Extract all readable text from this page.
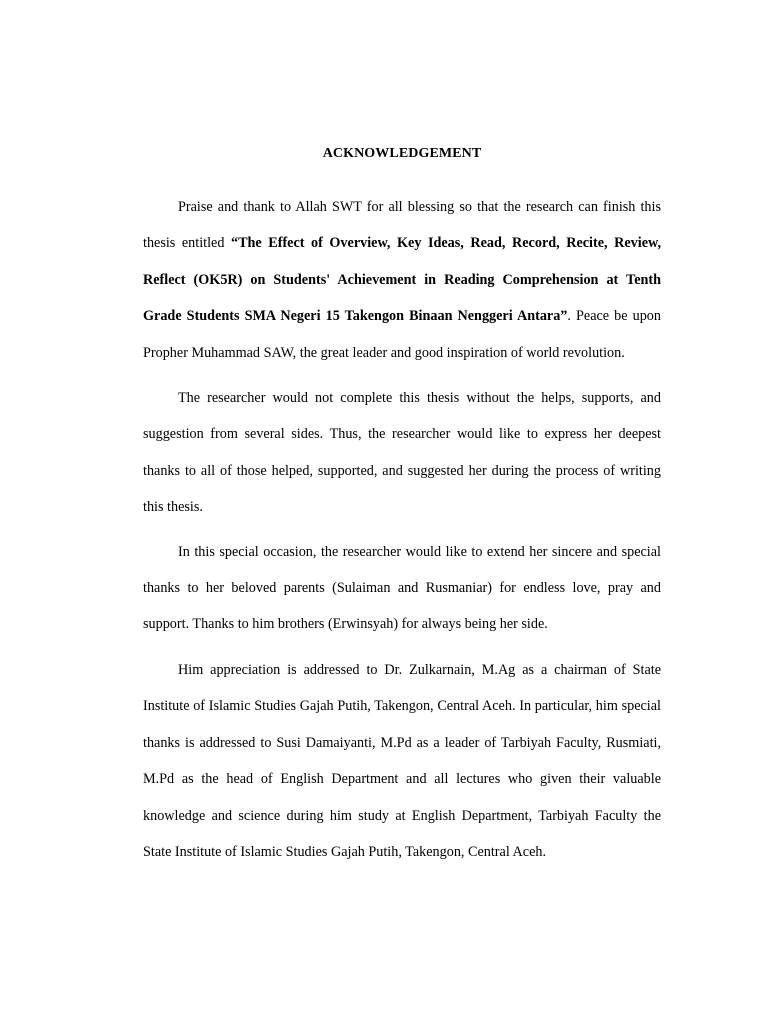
ACKNOWLEDGEMENT

Praise and thank to Allah SWT for all blessing so that the research can finish this thesis entitled “The Effect of Overview, Key Ideas, Read, Record, Recite, Review, Reflect (OK5R) on Students' Achievement in Reading Comprehension at Tenth Grade Students SMA Negeri 15 Takengon Binaan Nenggeri Antara”. Peace be upon Propher Muhammad SAW, the great leader and good inspiration of world revolution.

The researcher would not complete this thesis without the helps, supports, and suggestion from several sides. Thus, the researcher would like to express her deepest thanks to all of those helped, supported, and suggested her during the process of writing this thesis.

In this special occasion, the researcher would like to extend her sincere and special thanks to her beloved parents (Sulaiman and Rusmaniar) for endless love, pray and support. Thanks to him brothers (Erwinsyah) for always being her side.

Him appreciation is addressed to Dr. Zulkarnain, M.Ag as a chairman of State Institute of Islamic Studies Gajah Putih, Takengon, Central Aceh. In particular, him special thanks is addressed to Susi Damaiyanti, M.Pd as a leader of Tarbiyah Faculty, Rusmiati, M.Pd as the head of English Department and all lectures who given their valuable knowledge and science during him study at English Department, Tarbiyah Faculty the State Institute of Islamic Studies Gajah Putih, Takengon, Central Aceh.
